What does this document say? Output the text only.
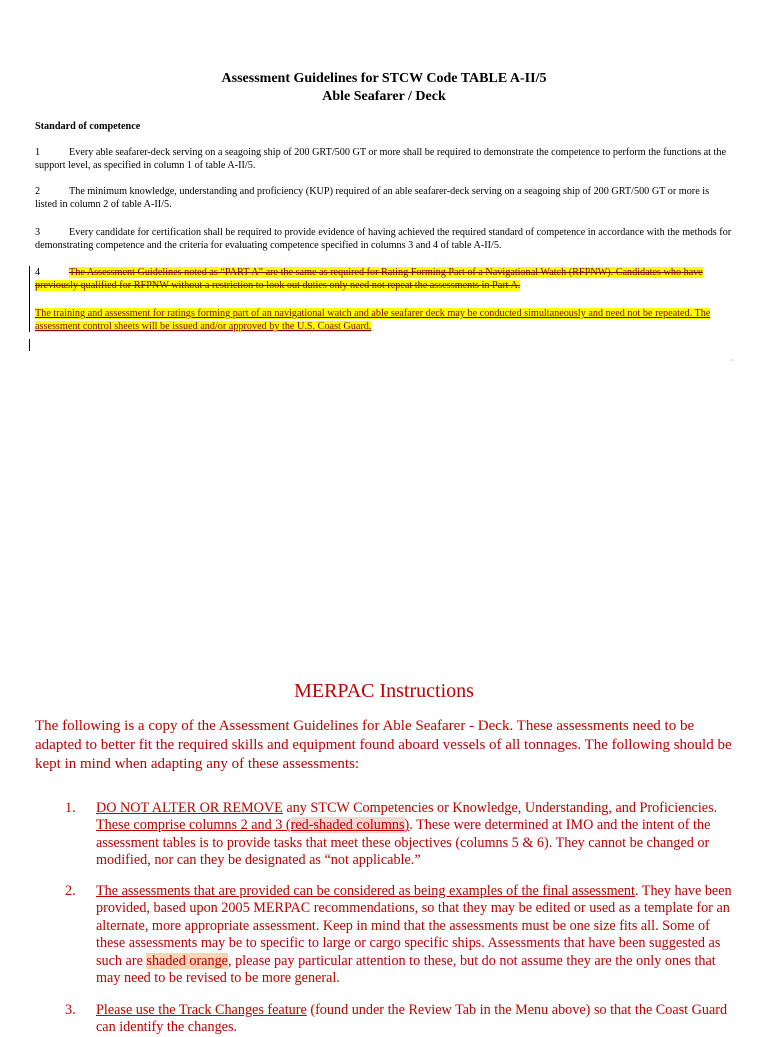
Assessment Guidelines for STCW Code TABLE A-II/5
Able Seafarer / Deck
Standard of competence
1	Every able seafarer-deck serving on a seagoing ship of 200 GRT/500 GT or more shall be required to demonstrate the competence to perform the functions at the support level, as specified in column 1 of table A-II/5.
2	The minimum knowledge, understanding and proficiency (KUP) required of an able seafarer-deck serving on a seagoing ship of 200 GRT/500 GT or more is listed in column 2 of table A-II/5.
3	Every candidate for certification shall be required to provide evidence of having achieved the required standard of competence in accordance with the methods for demonstrating competence and the criteria for evaluating competence specified in columns 3 and 4 of table A-II/5.
4	The Assessment Guidelines noted as “PART A” are the same as required for Rating Forming Part of a Navigational Watch (RFPNW). Candidates who have previously qualified for RFPNW without a restriction to look out duties only need not repeat the assessments in Part A.
The training and assessment for ratings forming part of an navigational watch and able seafarer deck may be conducted simultaneously and need not be repeated. The assessment control sheets will be issued and/or approved by the U.S. Coast Guard.
·
MERPAC Instructions
The following is a copy of the Assessment Guidelines for Able Seafarer - Deck. These assessments need to be adapted to better fit the required skills and equipment found aboard vessels of all tonnages. The following should be kept in mind when adapting any of these assessments:
1. DO NOT ALTER OR REMOVE any STCW Competencies or Knowledge, Understanding, and Proficiencies. These comprise columns 2 and 3 (red-shaded columns). These were determined at IMO and the intent of the assessment tables is to provide tasks that meet these objectives (columns 5 & 6). They cannot be changed or modified, nor can they be designated as “not applicable.”
2. The assessments that are provided can be considered as being examples of the final assessment. They have been provided, based upon 2005 MERPAC recommendations, so that they may be edited or used as a template for an alternate, more appropriate assessment. Keep in mind that the assessments must be one size fits all. Some of these assessments may be to specific to large or cargo specific ships. Assessments that have been suggested as such are shaded orange, please pay particular attention to these, but do not assume they are the only ones that may need to be revised to be more general.
3. Please use the Track Changes feature (found under the Review Tab in the Menu above) so that the Coast Guard can identify the changes.
